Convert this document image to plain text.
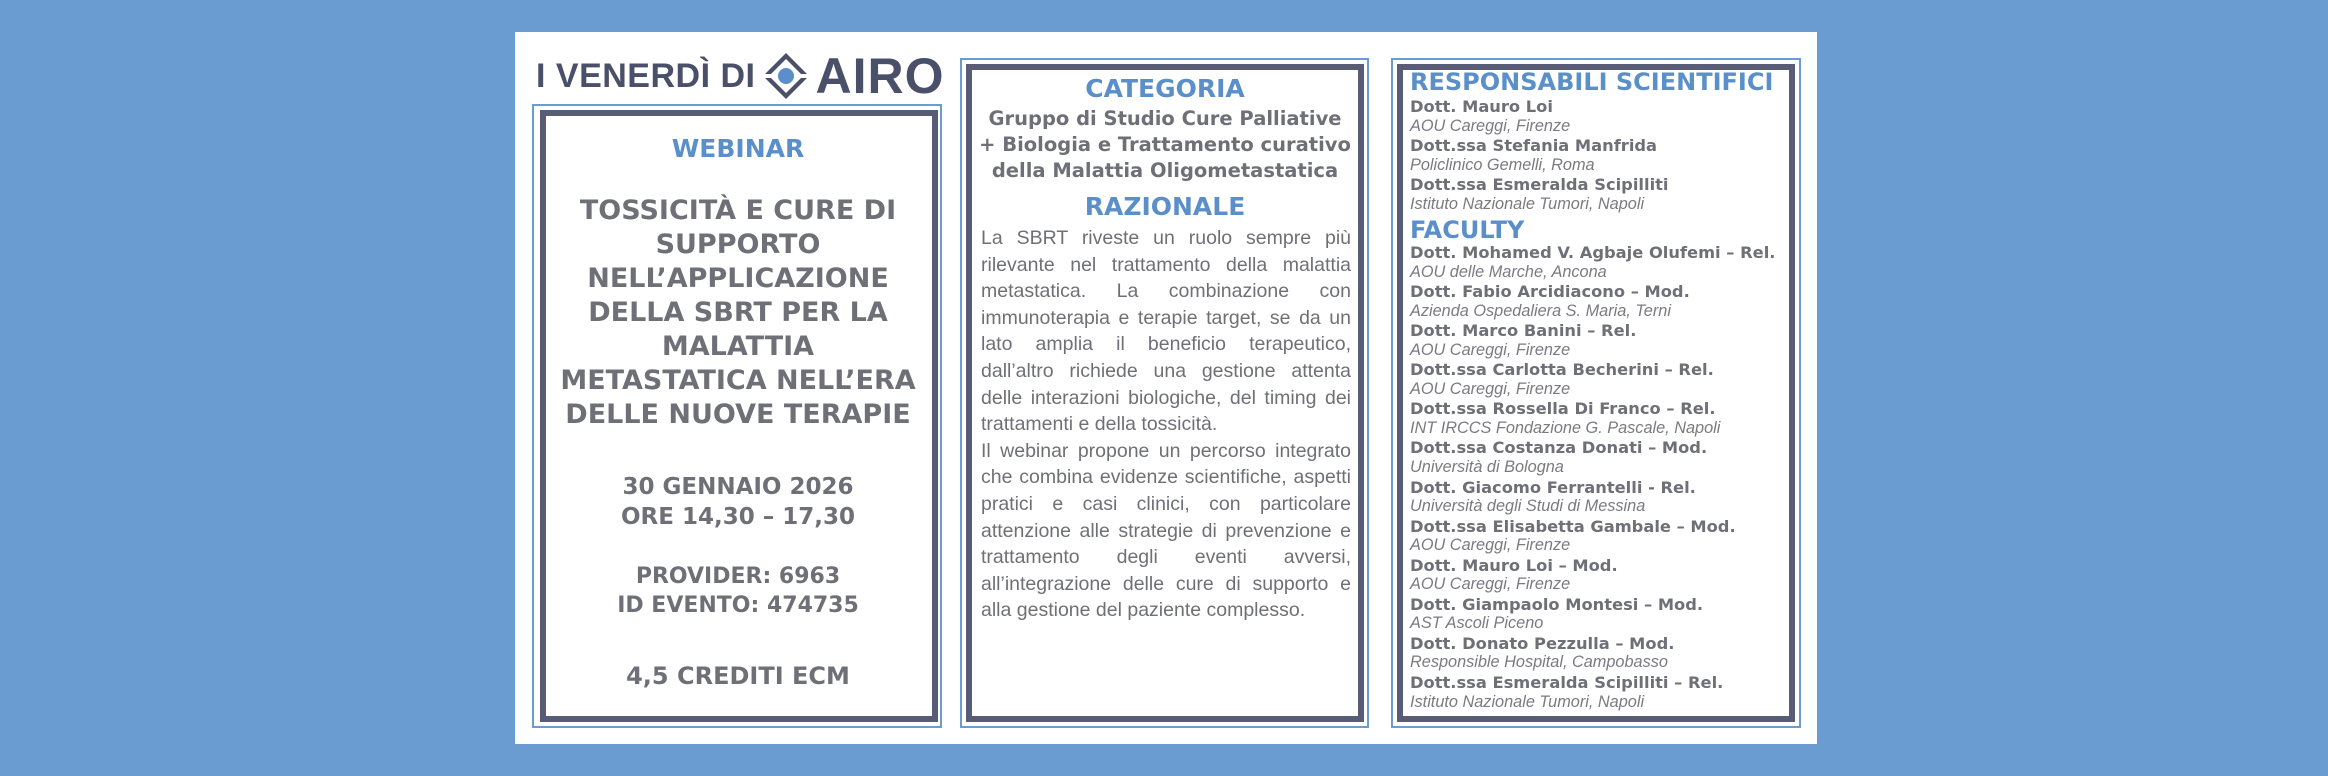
I VENERDÌ DI AIRO
WEBINAR
TOSSICITÀ E CURE DI SUPPORTO NELL’APPLICAZIONE DELLA SBRT PER LA MALATTIA METASTATICA NELL’ERA DELLE NUOVE TERAPIE
30 GENNAIO 2026
ORE 14,30 – 17,30
PROVIDER: 6963
ID EVENTO: 474735
4,5 CREDITI ECM
CATEGORIA
Gruppo di Studio Cure Palliative + Biologia e Trattamento curativo della Malattia Oligometastatica
RAZIONALE

La SBRT riveste un ruolo sempre più rilevante nel trattamento della malattia metastatica. La combinazione con immunoterapia e terapie target, se da un lato amplia il beneficio terapeutico, dall’altro richiede una gestione attenta delle interazioni biologiche, del timing dei trattamenti e della tossicità.

Il webinar propone un percorso integrato che combina evidenze scientifiche, aspetti pratici e casi clinici, con particolare attenzione alle strategie di prevenzione e trattamento degli eventi avversi, all’integrazione delle cure di supporto e alla gestione del paziente complesso.

RESPONSABILI SCIENTIFICI
Dott. Mauro Loi
AOU Careggi, Firenze
Dott.ssa Stefania Manfrida
Policlinico Gemelli, Roma
Dott.ssa Esmeralda Scipilliti
Istituto Nazionale Tumori, Napoli
FACULTY
Dott. Mohamed V. Agbaje Olufemi – Rel.
AOU delle Marche, Ancona
Dott. Fabio Arcidiacono – Mod.
Azienda Ospedaliera S. Maria, Terni
Dott. Marco Banini – Rel.
AOU Careggi, Firenze
Dott.ssa Carlotta Becherini – Rel.
AOU Careggi, Firenze
Dott.ssa Rossella Di Franco – Rel.
INT IRCCS Fondazione G. Pascale, Napoli
Dott.ssa Costanza Donati – Mod.
Università di Bologna
Dott. Giacomo Ferrantelli - Rel.
Università degli Studi di Messina
Dott.ssa Elisabetta Gambale – Mod.
AOU Careggi, Firenze
Dott. Mauro Loi – Mod.
AOU Careggi, Firenze
Dott. Giampaolo Montesi – Mod.
AST Ascoli Piceno
Dott. Donato Pezzulla – Mod.
Responsible Hospital, Campobasso
Dott.ssa Esmeralda Scipilliti – Rel.
Istituto Nazionale Tumori, Napoli
